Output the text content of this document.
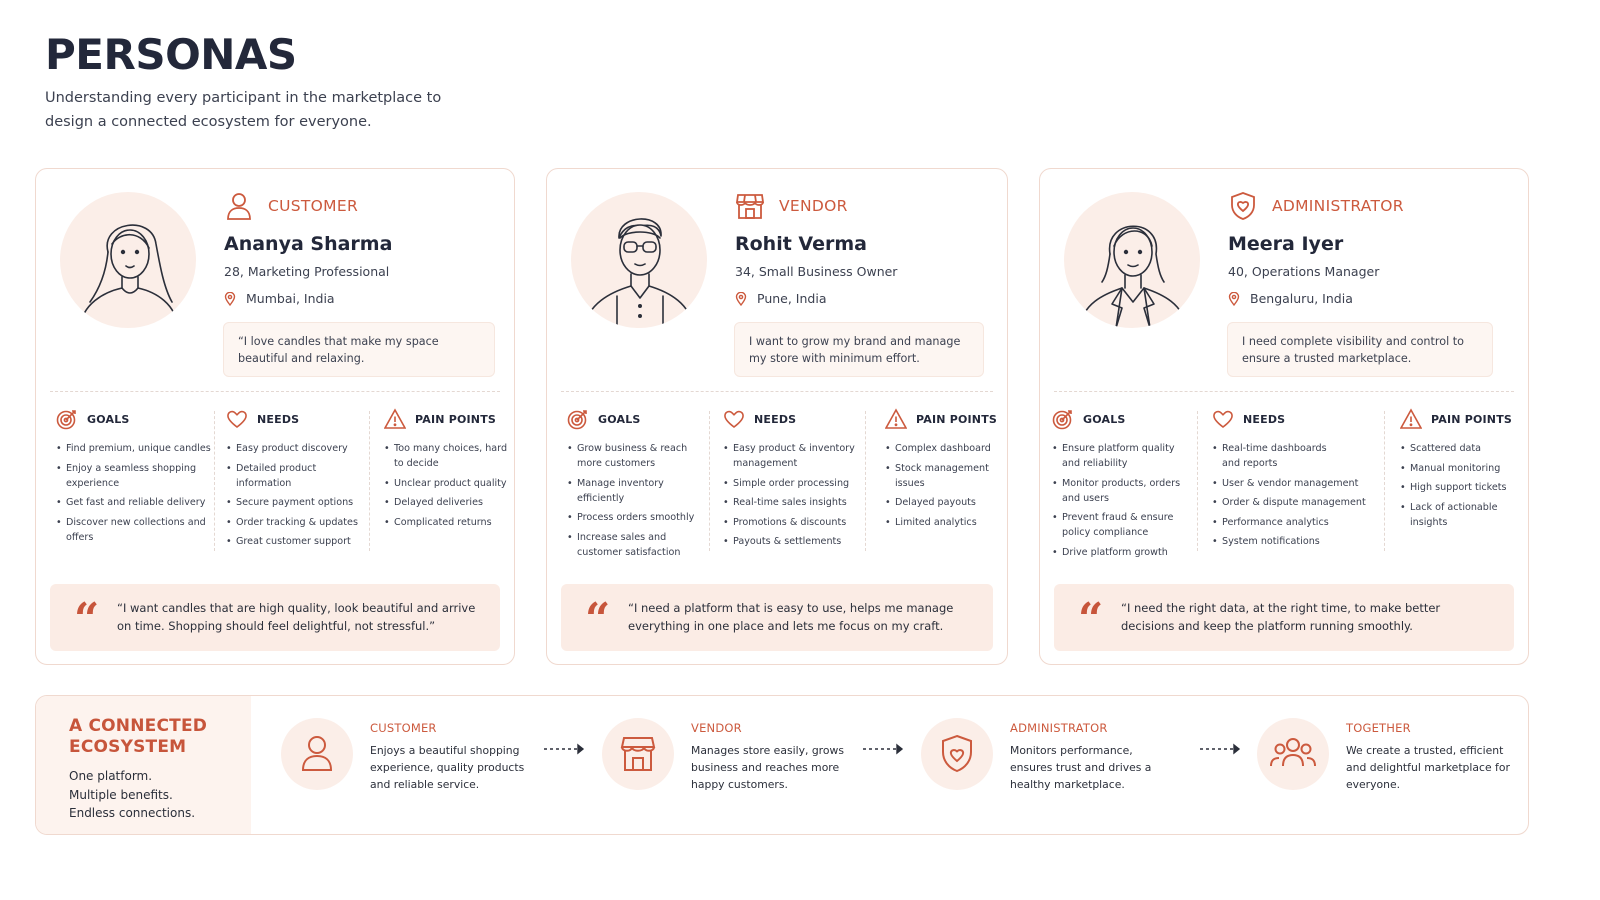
PERSONAS
Understanding every participant in the marketplace to design a connected ecosystem for everyone.
CUSTOMER
Ananya Sharma
28, Marketing Professional
Mumbai, India
“I love candles that make my space beautiful and relaxing.
GOALS
• Find premium, unique candles
• Enjoy a seamless shopping experience
• Get fast and reliable delivery
• Discover new collections and offers
NEEDS
• Easy product discovery
• Detailed product information
• Secure payment options
• Order tracking & updates
• Great customer support
PAIN POINTS
• Too many choices, hard to decide
• Unclear product quality
• Delayed deliveries
• Complicated returns
“ “I want candles that are high quality, look beautiful and arrive on time. Shopping should feel delightful, not stressful.”
VENDOR
Rohit Verma
34, Small Business Owner
Pune, India
I want to grow my brand and manage my store with minimum effort.
GOALS
• Grow business & reach more customers
• Manage inventory efficiently
• Process orders smoothly
• Increase sales and customer satisfaction
NEEDS
• Easy product & inventory management
• Simple order processing
• Real-time sales insights
• Promotions & discounts
• Payouts & settlements
PAIN POINTS
• Complex dashboard
• Stock management issues
• Delayed payouts
• Limited analytics
“ “I need a platform that is easy to use, helps me manage everything in one place and lets me focus on my craft.
ADMINISTRATOR
Meera Iyer
40, Operations Manager
Bengaluru, India
I need complete visibility and control to ensure a trusted marketplace.
GOALS
• Ensure platform quality and reliability
• Monitor products, orders and users
• Prevent fraud & ensure policy compliance
• Drive platform growth
NEEDS
• Real-time dashboards and reports
• User & vendor management
• Order & dispute management
• Performance analytics
• System notifications
PAIN POINTS
• Scattered data
• Manual monitoring
• High support tickets
• Lack of actionable insights
“ “I need the right data, at the right time, to make better decisions and keep the platform running smoothly.
A CONNECTED ECOSYSTEM
One platform.
Multiple benefits.
Endless connections.
CUSTOMER
Enjoys a beautiful shopping experience, quality products and reliable service.
VENDOR
Manages store easily, grows business and reaches more happy customers.
ADMINISTRATOR
Monitors performance, ensures trust and drives a healthy marketplace.
TOGETHER
We create a trusted, efficient and delightful marketplace for everyone.
